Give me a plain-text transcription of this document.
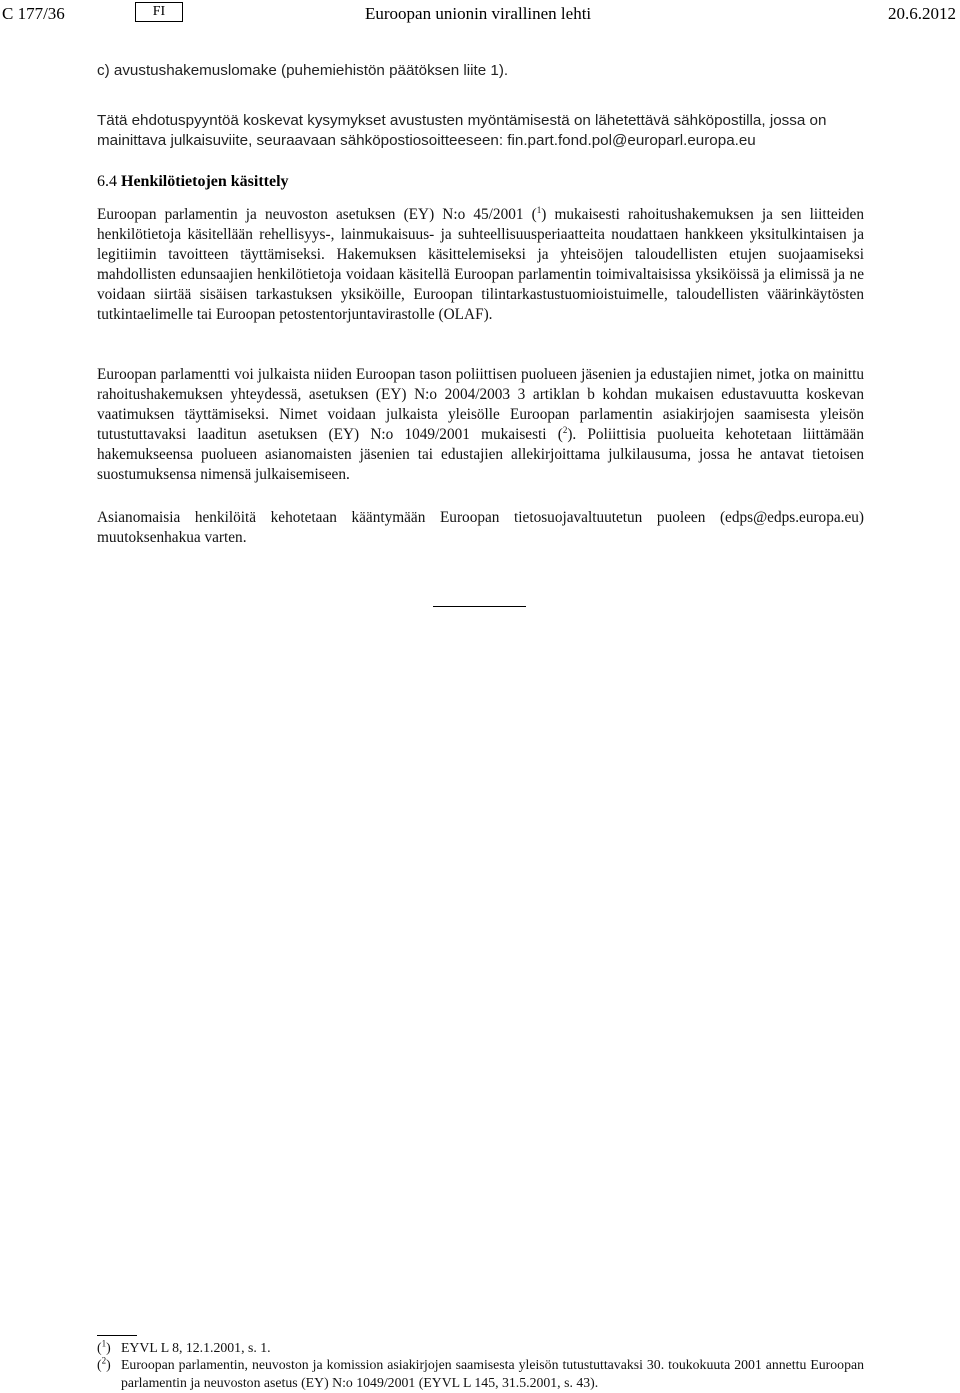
C 177/36	FI	Euroopan unionin virallinen lehti	20.6.2012
c) avustushakemuslomake (puhemiehistön päätöksen liite 1).
Tätä ehdotuspyyntöä koskevat kysymykset avustusten myöntämisestä on lähetettävä sähköpostilla, jossa on mainittava julkaisuviite, seuraavaan sähköpostiosoitteeseen: fin.part.fond.pol@europarl.europa.eu
6.4 Henkilötietojen käsittely

Euroopan parlamentin ja neuvoston asetuksen (EY) N:o 45/2001 ($^1$) mukaisesti rahoitushakemuksen ja sen liitteiden henkilötietoja käsitellään rehellisyys-, lainmukaisuus- ja suhteellisuusperiaatteita noudattaen hankkeen yksitulkintaisen ja legitiimin tavoitteen täyttämiseksi. Hakemuksen käsittelemiseksi ja yhteisöjen taloudellisten etujen suojaamiseksi mahdollisten edunsaajien henkilötietoja voidaan käsitellä Euroopan parlamentin toimivaltaisissa yksiköissä ja elimissä ja ne voidaan siirtää sisäisen tarkastuksen yksiköille, Euroopan tilintarkastustuomioistuimelle, taloudellisten väärinkäytösten tutkintaelimelle tai Euroopan petostentorjuntavirastolle (OLAF).

Euroopan parlamentti voi julkaista niiden Euroopan tason poliittisen puolueen jäsenien ja edustajien nimet, jotka on mainittu rahoitushakemuksen yhteydessä, asetuksen (EY) N:o 2004/2003 3 artiklan b kohdan mukaisen edustavuutta koskevan vaatimuksen täyttämiseksi. Nimet voidaan julkaista yleisölle Euroopan parlamentin asiakirjojen saamisesta yleisön tutustuttavaksi laaditun asetuksen (EY) N:o 1049/2001 mukaisesti ($^2$). Poliittisia puolueita kehotetaan liittämään hakemukseensa puolueen asianomaisten jäsenien tai edustajien allekirjoittama julkilausuma, jossa he antavat tietoisen suostumuksensa nimensä julkaisemiseen.

Asianomaisia henkilöitä kehotetaan kääntymään Euroopan tietosuojavaltuutetun puoleen (edps@edps.europa.eu) muutoksenhakua varten.
($^1$) EYVL L 8, 12.1.2001, s. 1.
($^2$) Euroopan parlamentin, neuvoston ja komission asiakirjojen saamisesta yleisön tutustuttavaksi 30. toukokuuta 2001 annettu Euroopan parlamentin ja neuvoston asetus (EY) N:o 1049/2001 (EYVL L 145, 31.5.2001, s. 43).
